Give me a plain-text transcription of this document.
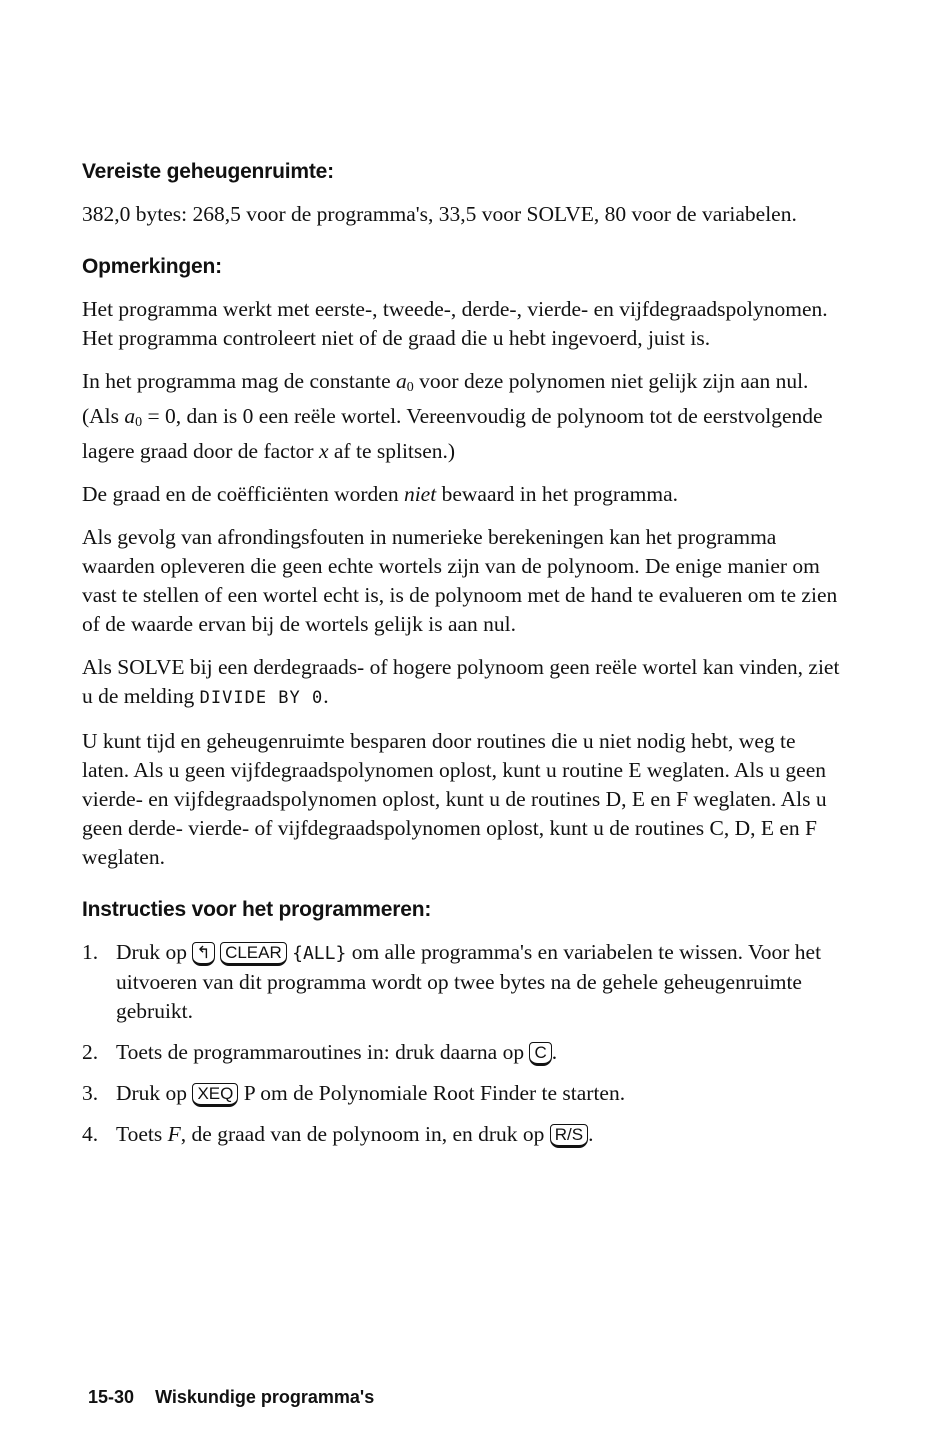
Vereiste geheugenruimte:

382,0 bytes: 268,5 voor de programma's, 33,5 voor SOLVE, 80 voor de variabelen.

Opmerkingen:

Het programma werkt met eerste-, tweede-, derde-, vierde- en vijfdegraadspolynomen. Het programma controleert niet of de graad die u hebt ingevoerd, juist is.

In het programma mag de constante $a_0$ voor deze polynomen niet gelijk zijn aan nul. (Als $a_0 = 0$, dan is 0 een reële wortel. Vereenvoudig de polynoom tot de eerstvolgende lagere graad door de factor x af te splitsen.)

De graad en de coëfficiënten worden niet bewaard in het programma.

Als gevolg van afrondingsfouten in numerieke berekeningen kan het programma waarden opleveren die geen echte wortels zijn van de polynoom. De enige manier om vast te stellen of een wortel echt is, is de polynoom met de hand te evalueren om te zien of de waarde ervan bij de wortels gelijk is aan nul.

Als SOLVE bij een derdegraads- of hogere polynoom geen reële wortel kan vinden, ziet u de melding DIVIDE BY 0.

U kunt tijd en geheugenruimte besparen door routines die u niet nodig hebt, weg te laten. Als u geen vijfdegraadspolynomen oplost, kunt u routine E weglaten. Als u geen vierde- en vijfdegraadspolynomen oplost, kunt u de routines D, E en F weglaten. Als u geen derde- vierde- of vijfdegraadspolynomen oplost, kunt u de routines C, D, E en F weglaten.

Instructies voor het programmeren:
1. Druk op ↰ CLEAR {ALL} om alle programma's en variabelen te wissen. Voor het uitvoeren van dit programma wordt op twee bytes na de gehele geheugenruimte gebruikt.
2. Toets de programmaroutines in: druk daarna op C .
3. Druk op XEQ P om de Polynomiale Root Finder te starten.
4. Toets F, de graad van de polynoom in, en druk op R/S .
15-30 Wiskundige programma's
